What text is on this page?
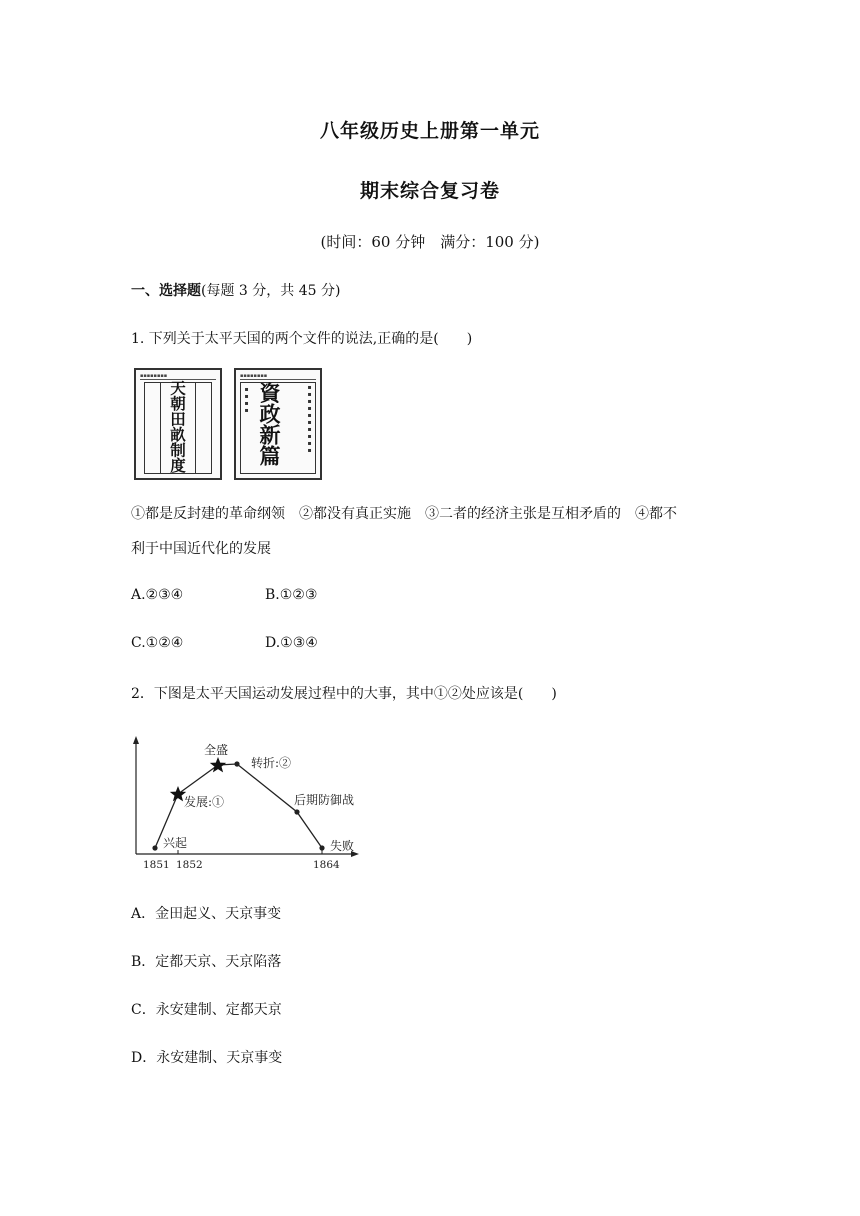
八年级历史上册第一单元
期末综合复习卷
(时间：60 分钟　满分：100 分)
一、选择题(每题 3 分，共 45 分)
1. 下列关于太平天国的两个文件的说法,正确的是(　　)
▪▪▪▪▪▪▪▪
天朝田畝制度
▪▪▪▪▪▪▪▪
▪▪▪▪	▪▪▪▪▪▪▪▪▪▪
資政新篇
①都是反封建的革命纲领　②都没有真正实施　③二者的经济主张是互相矛盾的　④都不
利于中国近代化的发展
A.②③④	B.①②③
C.①②④	D.①③④
2．下图是太平天国运动发展过程中的大事，其中①②处应该是(　　)
兴起
发展:①
全盛
转折:②
后期防御战
失败
1851 1852	1864
A．金田起义、天京事变
B．定都天京、天京陷落
C．永安建制、定都天京
D．永安建制、天京事变
